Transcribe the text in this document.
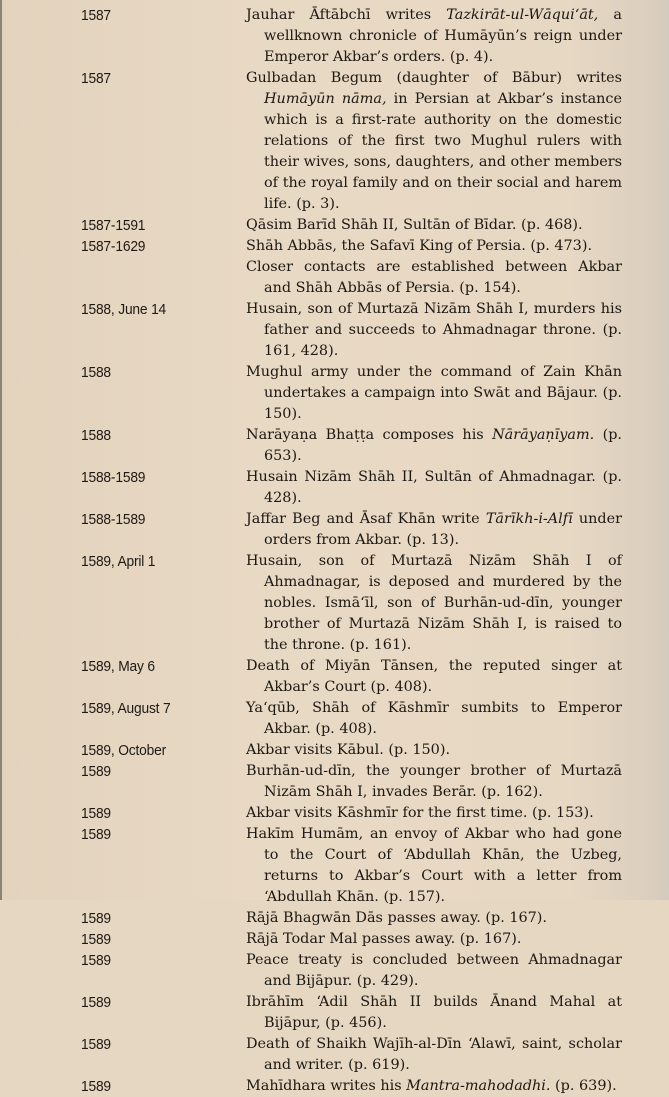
1587	Jauhar Āftābchī writes Tazkirāt-ul-Wāqui‘āt, a wellknown chronicle of Humāyūn’s reign under Emperor Akbar’s orders. (p. 4).
1587	Gulbadan Begum (daughter of Bābur) writes Humāyūn nāma, in Persian at Akbar’s instance which is a first-rate authority on the domestic relations of the first two Mughul rulers with their wives, sons, daughters, and other members of the royal family and on their social and harem life. (p. 3).
1587-1591	Qāsim Barīd Shāh II, Sultān of Bīdar. (p. 468).
1587-1629	Shāh Abbās, the Safavī King of Persia. (p. 473).
Closer contacts are established between Akbar and Shāh Abbās of Persia. (p. 154).
1588, June 14	Husain, son of Murtazā Nizām Shāh I, murders his father and succeeds to Ahmadnagar throne. (p. 161, 428).
1588	Mughul army under the command of Zain Khān undertakes a campaign into Swāt and Bājaur. (p. 150).
1588	Narāyaṇa Bhaṭṭa composes his Nārāyaṇīyam. (p. 653).
1588-1589	Husain Nizām Shāh II, Sultān of Ahmadnagar. (p. 428).
1588-1589	Jaffar Beg and Āsaf Khān write Tārīkh-i-Alfī under orders from Akbar. (p. 13).
1589, April 1	Husain, son of Murtazā Nizām Shāh I of Ahmadnagar, is deposed and murdered by the nobles. Ismā‘īl, son of Burhān-ud-dīn, younger brother of Murtazā Nizām Shāh I, is raised to the throne. (p. 161).
1589, May 6	Death of Miyān Tānsen, the reputed singer at Akbar’s Court (p. 408).
1589, August 7	Ya‘qūb, Shāh of Kāshmīr sumbits to Emperor Akbar. (p. 408).
1589, October	Akbar visits Kābul. (p. 150).
1589	Burhān-ud-dīn, the younger brother of Murtazā Nizām Shāh I, invades Berār. (p. 162).
1589	Akbar visits Kāshmīr for the first time. (p. 153).
1589	Hakīm Humām, an envoy of Akbar who had gone to the Court of ‘Abdullah Khān, the Uzbeg, returns to Akbar’s Court with a letter from ‘Abdullah Khān. (p. 157).
1589	Rājā Bhagwān Dās passes away. (p. 167).
1589	Rājā Todar Mal passes away. (p. 167).
1589	Peace treaty is concluded between Ahmadnagar and Bijāpur. (p. 429).
1589	Ibrāhīm ‘Adil Shāh II builds Ānand Mahal at Bijāpur, (p. 456).
1589	Death of Shaikh Wajīh-al-Dīn ‘Alawī, saint, scholar and writer. (p. 619).
1589	Mahīdhara writes his Mantra-mahodadhi. (p. 639).
